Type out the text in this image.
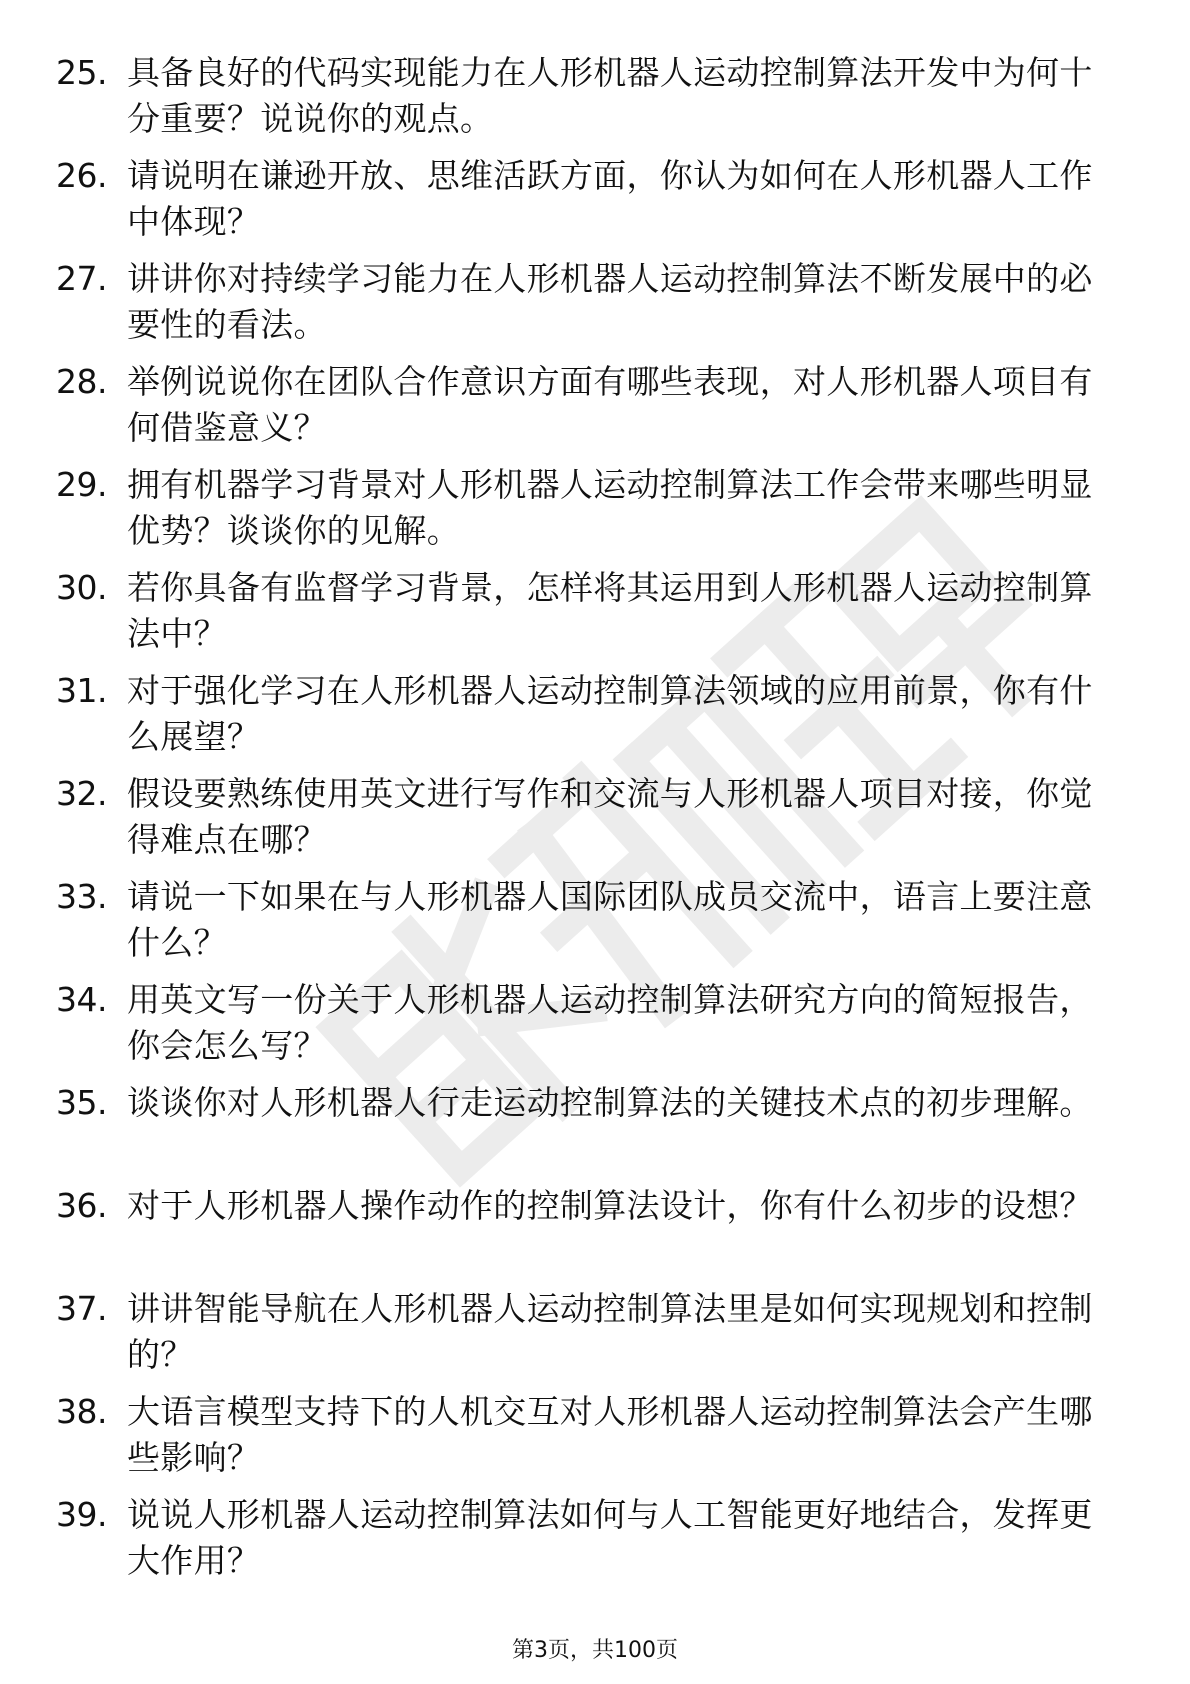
25. 具备良好的代码实现能力在人形机器人运动控制算法开发中为何十分重要？说说你的观点。
26. 请说明在谦逊开放、思维活跃方面，你认为如何在人形机器人工作中体现？
27. 讲讲你对持续学习能力在人形机器人运动控制算法不断发展中的必要性的看法。
28. 举例说说你在团队合作意识方面有哪些表现，对人形机器人项目有何借鉴意义？
29. 拥有机器学习背景对人形机器人运动控制算法工作会带来哪些明显优势？谈谈你的见解。
30. 若你具备有监督学习背景，怎样将其运用到人形机器人运动控制算法中？
31. 对于强化学习在人形机器人运动控制算法领域的应用前景，你有什么展望？
32. 假设要熟练使用英文进行写作和交流与人形机器人项目对接，你觉得难点在哪？
33. 请说一下如果在与人形机器人国际团队成员交流中，语言上要注意什么？
34. 用英文写一份关于人形机器人运动控制算法研究方向的简短报告，你会怎么写？
35. 谈谈你对人形机器人行走运动控制算法的关键技术点的初步理解。
36. 对于人形机器人操作动作的控制算法设计，你有什么初步的设想？
37. 讲讲智能导航在人形机器人运动控制算法里是如何实现规划和控制的？
38. 大语言模型支持下的人机交互对人形机器人运动控制算法会产生哪些影响？
39. 说说人形机器人运动控制算法如何与人工智能更好地结合，发挥更大作用？
第3页，共100页
